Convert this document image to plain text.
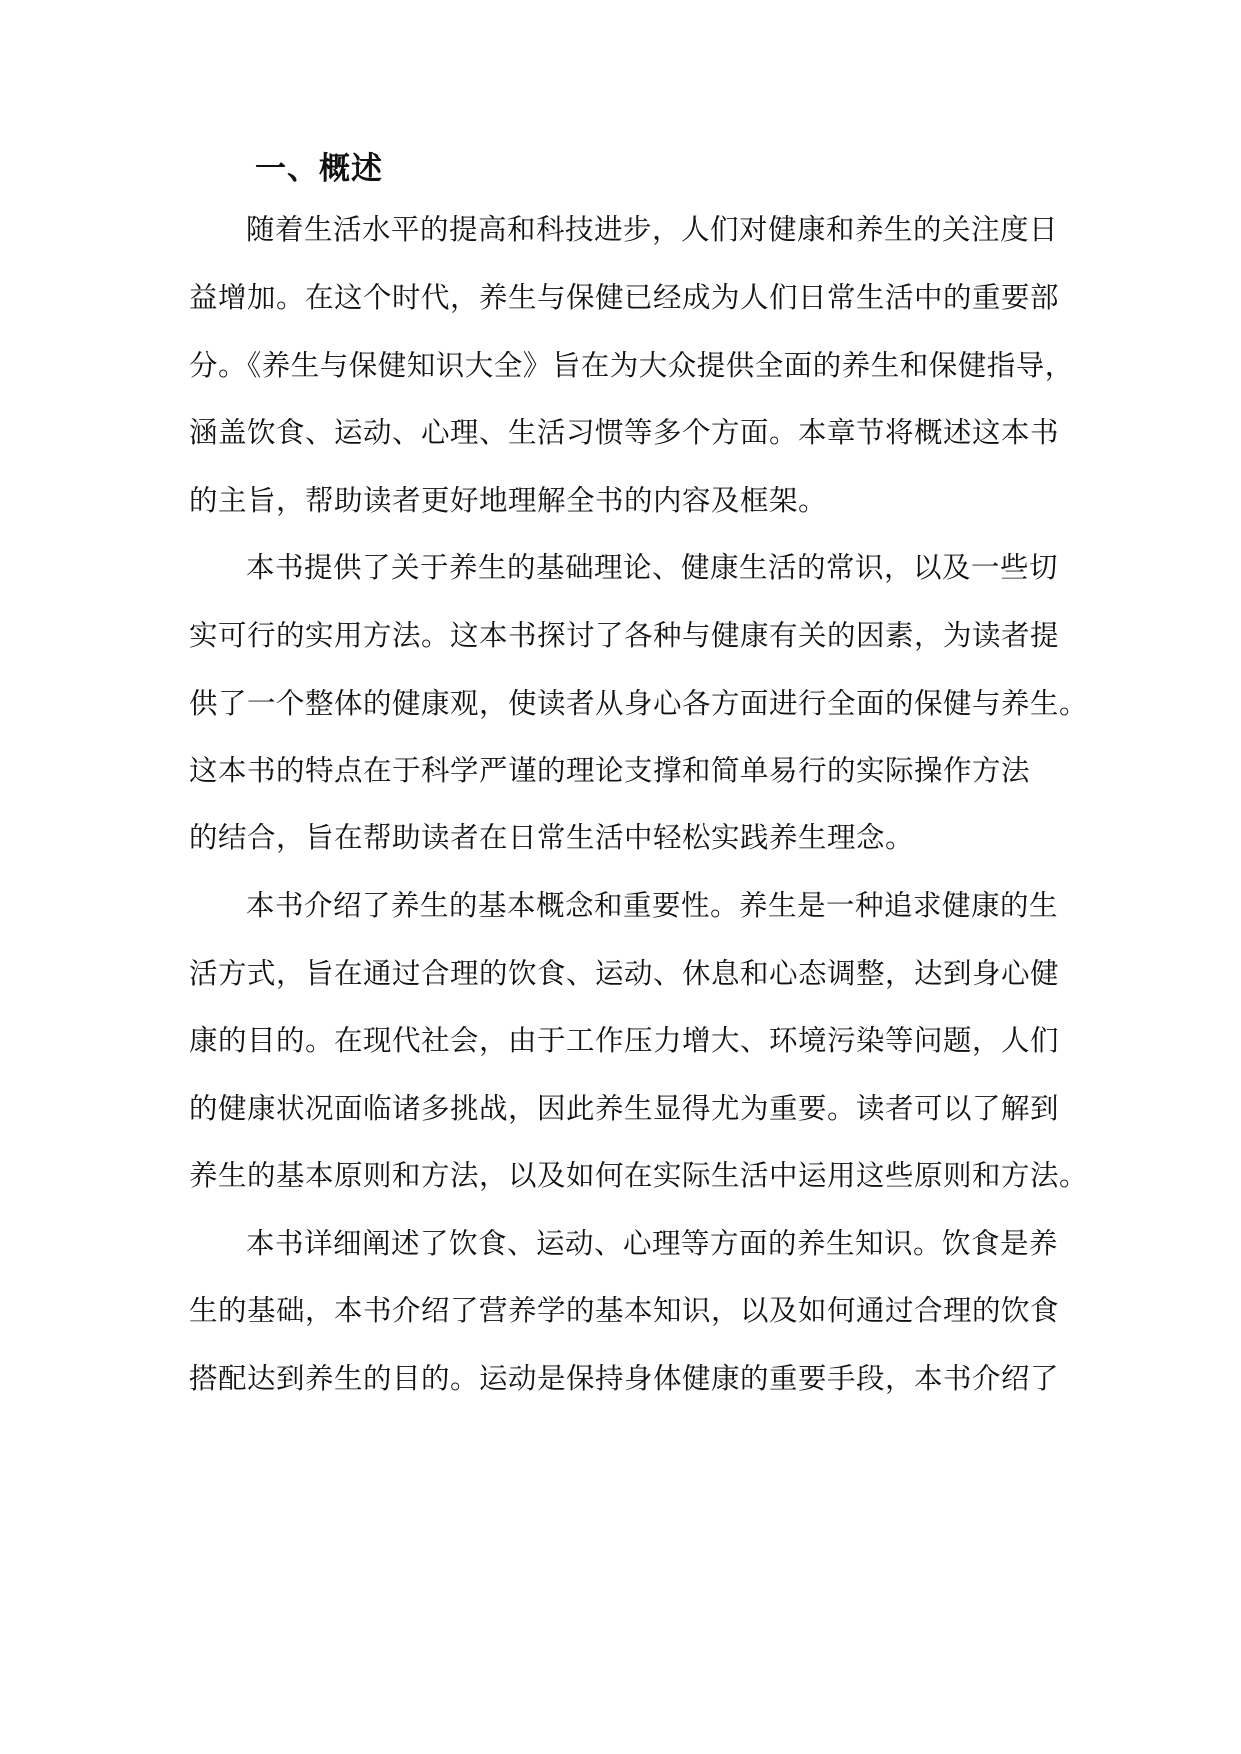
一、概述
随着生活水平的提高和科技进步，人们对健康和养生的关注度日
益增加。在这个时代，养生与保健已经成为人们日常生活中的重要部
分。《养生与保健知识大全》旨在为大众提供全面的养生和保健指导，
涵盖饮食、运动、心理、生活习惯等多个方面。本章节将概述这本书
的主旨，帮助读者更好地理解全书的内容及框架。
本书提供了关于养生的基础理论、健康生活的常识，以及一些切
实可行的实用方法。这本书探讨了各种与健康有关的因素，为读者提
供了一个整体的健康观，使读者从身心各方面进行全面的保健与养生。
这本书的特点在于科学严谨的理论支撑和简单易行的实际操作方法
的结合，旨在帮助读者在日常生活中轻松实践养生理念。
本书介绍了养生的基本概念和重要性。养生是一种追求健康的生
活方式，旨在通过合理的饮食、运动、休息和心态调整，达到身心健
康的目的。在现代社会，由于工作压力增大、环境污染等问题，人们
的健康状况面临诸多挑战，因此养生显得尤为重要。读者可以了解到
养生的基本原则和方法，以及如何在实际生活中运用这些原则和方法。
本书详细阐述了饮食、运动、心理等方面的养生知识。饮食是养
生的基础，本书介绍了营养学的基本知识，以及如何通过合理的饮食
搭配达到养生的目的。运动是保持身体健康的重要手段，本书介绍了
